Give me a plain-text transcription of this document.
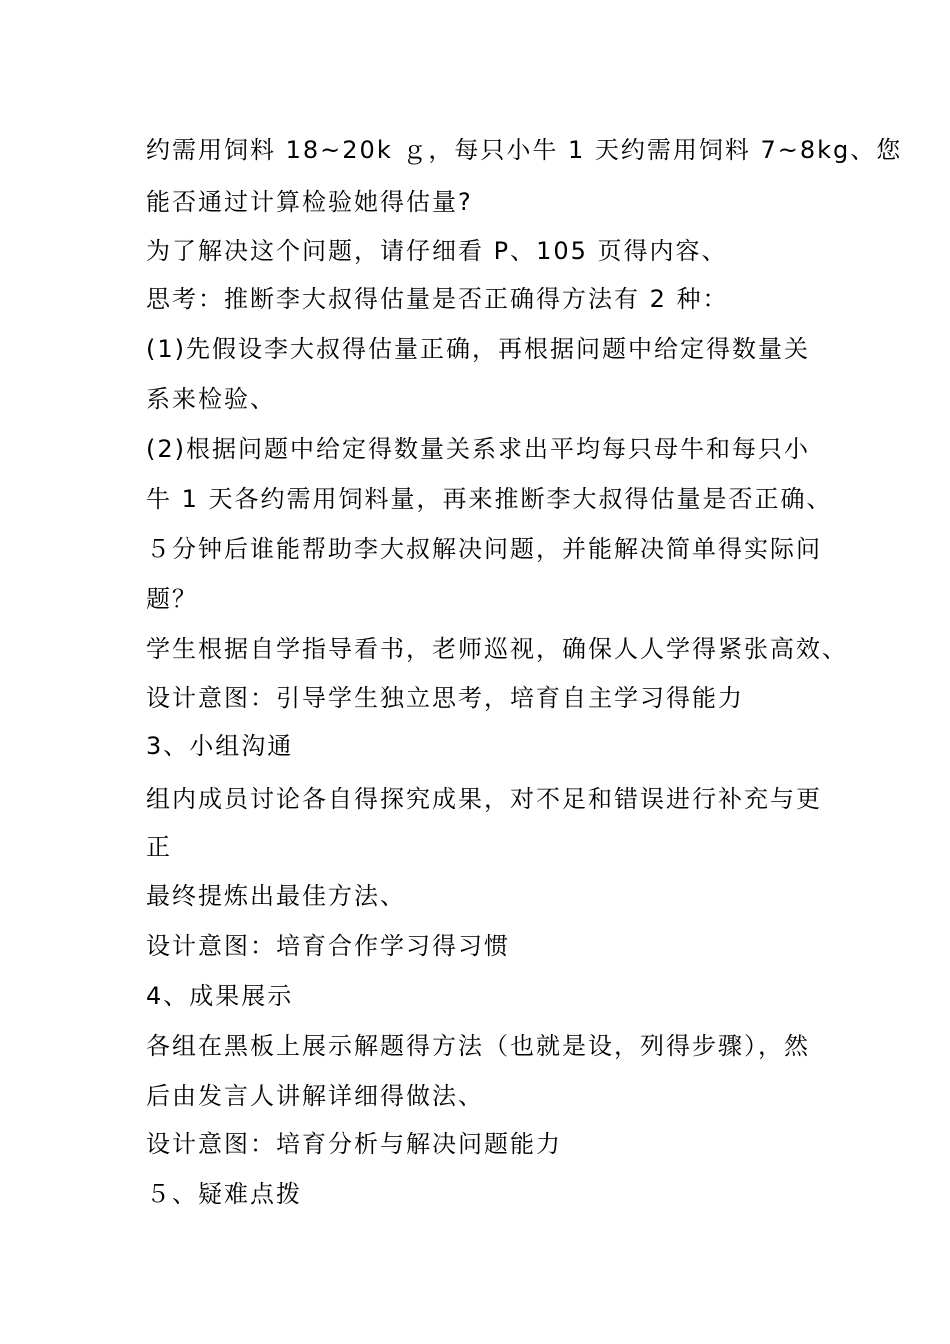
约需用饲料 18~20k ｇ，每只小牛 1 天约需用饲料 7~8kg、您
能否通过计算检验她得估量?
为了解决这个问题，请仔细看 P、105 页得内容、
思考：推断李大叔得估量是否正确得方法有 2 种：
(1)先假设李大叔得估量正确，再根据问题中给定得数量关
系来检验、
(2)根据问题中给定得数量关系求出平均每只母牛和每只小
牛 1 天各约需用饲料量，再来推断李大叔得估量是否正确、
５分钟后谁能帮助李大叔解决问题，并能解决简单得实际问
题？
学生根据自学指导看书，老师巡视，确保人人学得紧张高效、
设计意图：引导学生独立思考，培育自主学习得能力
3、小组沟通
组内成员讨论各自得探究成果，对不足和错误进行补充与更
正
最终提炼出最佳方法、
设计意图：培育合作学习得习惯
4、成果展示
各组在黑板上展示解题得方法（也就是设，列得步骤），然
后由发言人讲解详细得做法、
设计意图：培育分析与解决问题能力
５、疑难点拨
